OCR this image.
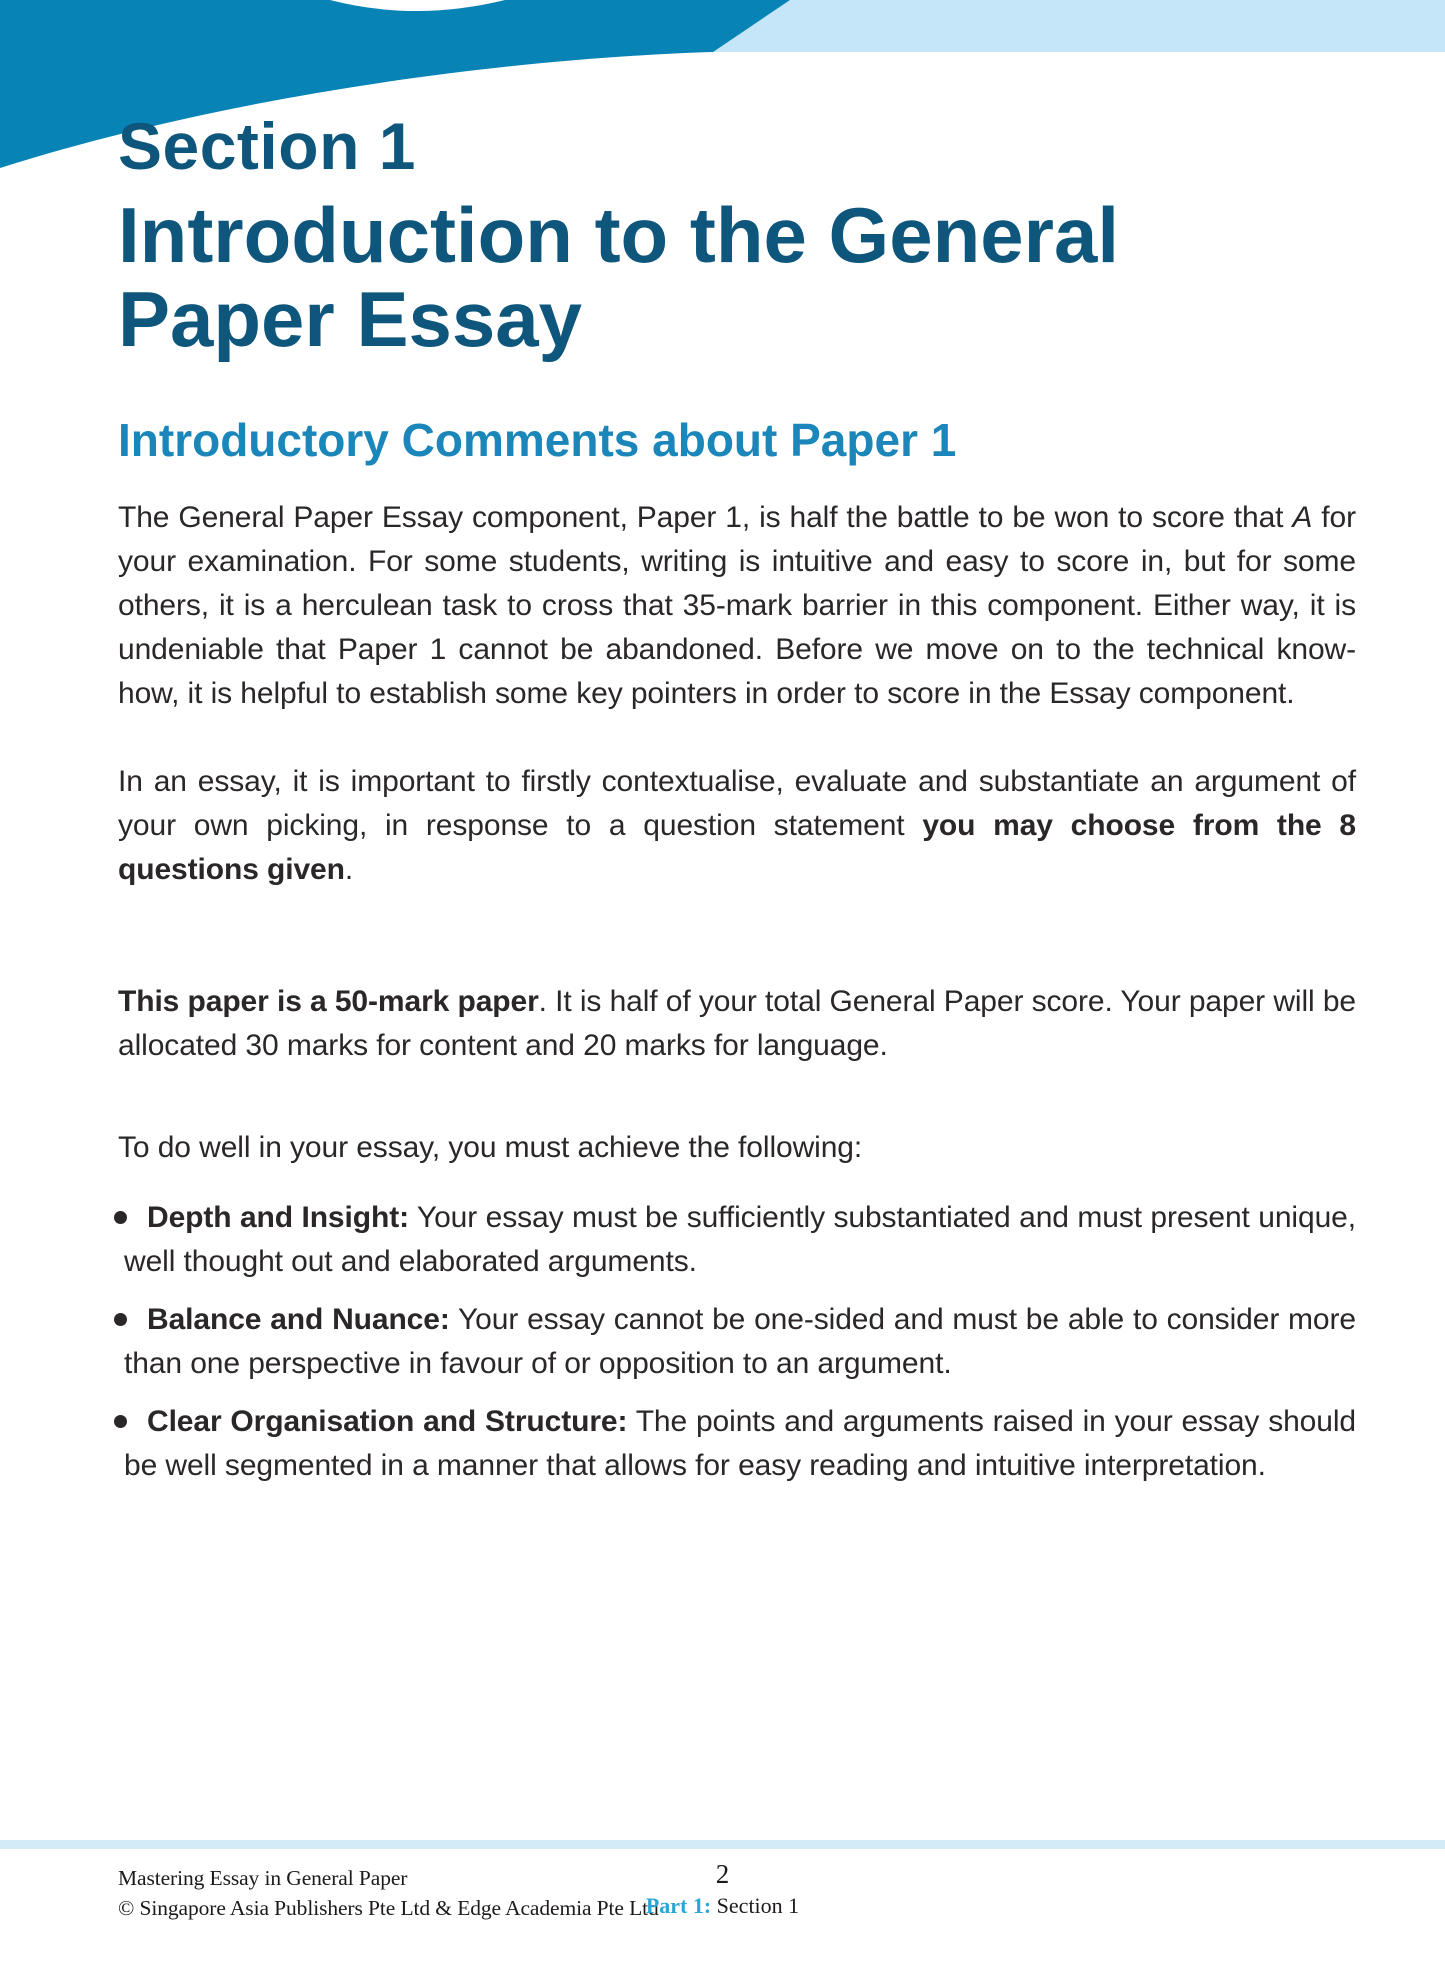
Section 1
Introduction to the General
Paper Essay
Introductory Comments about Paper 1

The General Paper Essay component, Paper 1, is half the battle to be won to score that A for your examination. For some students, writing is intuitive and easy to score in, but for some others, it is a herculean task to cross that 35-mark barrier in this component. Either way, it is undeniable that Paper 1 cannot be abandoned. Before we move on to the technical know-how, it is helpful to establish some key pointers in order to score in the Essay component.

In an essay, it is important to firstly contextualise, evaluate and substantiate an argument of your own picking, in response to a question statement you may choose from the 8 questions given.

This paper is a 50-mark paper. It is half of your total General Paper score. Your paper will be allocated 30 marks for content and 20 marks for language.

To do well in your essay, you must achieve the following:

Depth and Insight: Your essay must be sufficiently substantiated and must present unique, well thought out and elaborated arguments.
Balance and Nuance: Your essay cannot be one-sided and must be able to consider more than one perspective in favour of or opposition to an argument.
Clear Organisation and Structure: The points and arguments raised in your essay should be well segmented in a manner that allows for easy reading and intuitive interpretation.
Mastering Essay in General Paper
© Singapore Asia Publishers Pte Ltd & Edge Academia Pte Ltd
2
Part 1: Section 1
